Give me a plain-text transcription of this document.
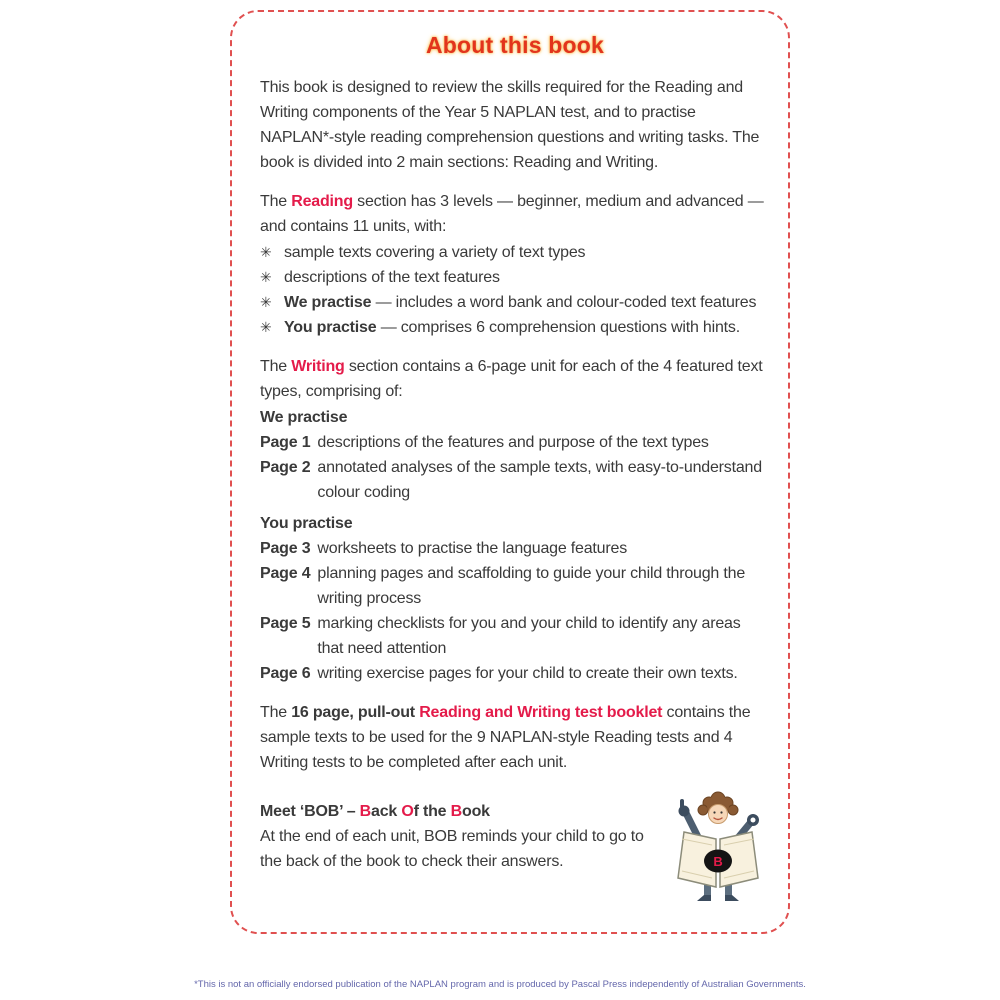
About this book

This book is designed to review the skills required for the Reading and Writing components of the Year 5 NAPLAN test, and to practise NAPLAN*-style reading comprehension questions and writing tasks. The book is divided into 2 main sections: Reading and Writing.

The Reading section has 3 levels — beginner, medium and advanced — and contains 11 units, with:

✳ sample texts covering a variety of text types
✳ descriptions of the text features
✳ We practise — includes a word bank and colour-coded text features
✳ You practise — comprises 6 comprehension questions with hints.

The Writing section contains a 6-page unit for each of the 4 featured text types, comprising of:

We practise
Page 1 descriptions of the features and purpose of the text types
Page 2 annotated analyses of the sample texts, with easy-to-understand colour coding
You practise
Page 3 worksheets to practise the language features
Page 4 planning pages and scaffolding to guide your child through the writing process
Page 5 marking checklists for you and your child to identify any areas that need attention
Page 6 writing exercise pages for your child to create their own texts.

The 16 page, pull-out Reading and Writing test booklet contains the sample texts to be used for the 9 NAPLAN-style Reading tests and 4 Writing tests to be completed after each unit.

Meet ‘BOB’ – Back Of the Book
At the end of each unit, BOB reminds your child to go to the back of the book to check their answers.	B
*This is not an officially endorsed publication of the NAPLAN program and is produced by Pascal Press independently of Australian Governments.
